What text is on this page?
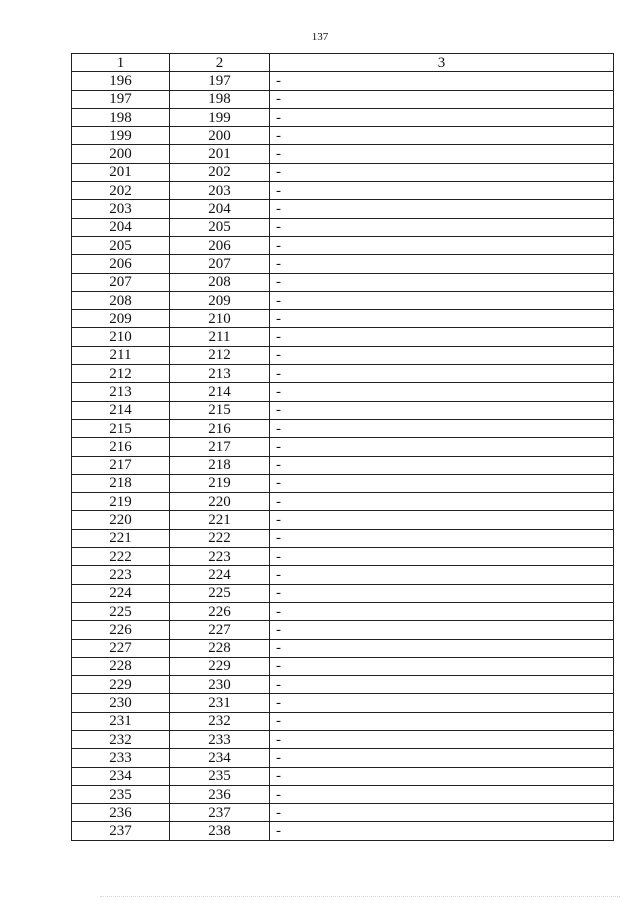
137
1	2	3
196	197	-
197	198	-
198	199	-
199	200	-
200	201	-
201	202	-
202	203	-
203	204	-
204	205	-
205	206	-
206	207	-
207	208	-
208	209	-
209	210	-
210	211	-
211	212	-
212	213	-
213	214	-
214	215	-
215	216	-
216	217	-
217	218	-
218	219	-
219	220	-
220	221	-
221	222	-
222	223	-
223	224	-
224	225	-
225	226	-
226	227	-
227	228	-
228	229	-
229	230	-
230	231	-
231	232	-
232	233	-
233	234	-
234	235	-
235	236	-
236	237	-
237	238	-
